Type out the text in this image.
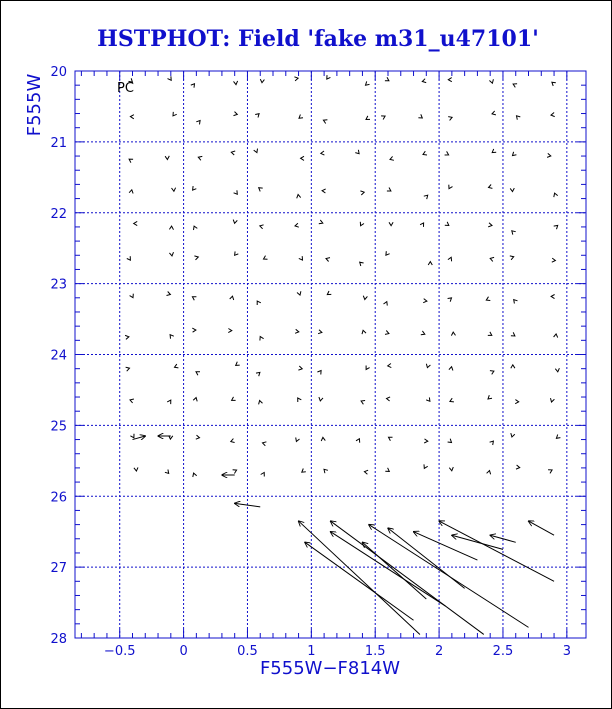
HSTPHOT: Field 'fake m31_u47101'
−0.5	0	0.5	1	1.5	2	2.5	3
20
21
22
23
24
25
26
27
28
PC
F555W−F814W
F555W
